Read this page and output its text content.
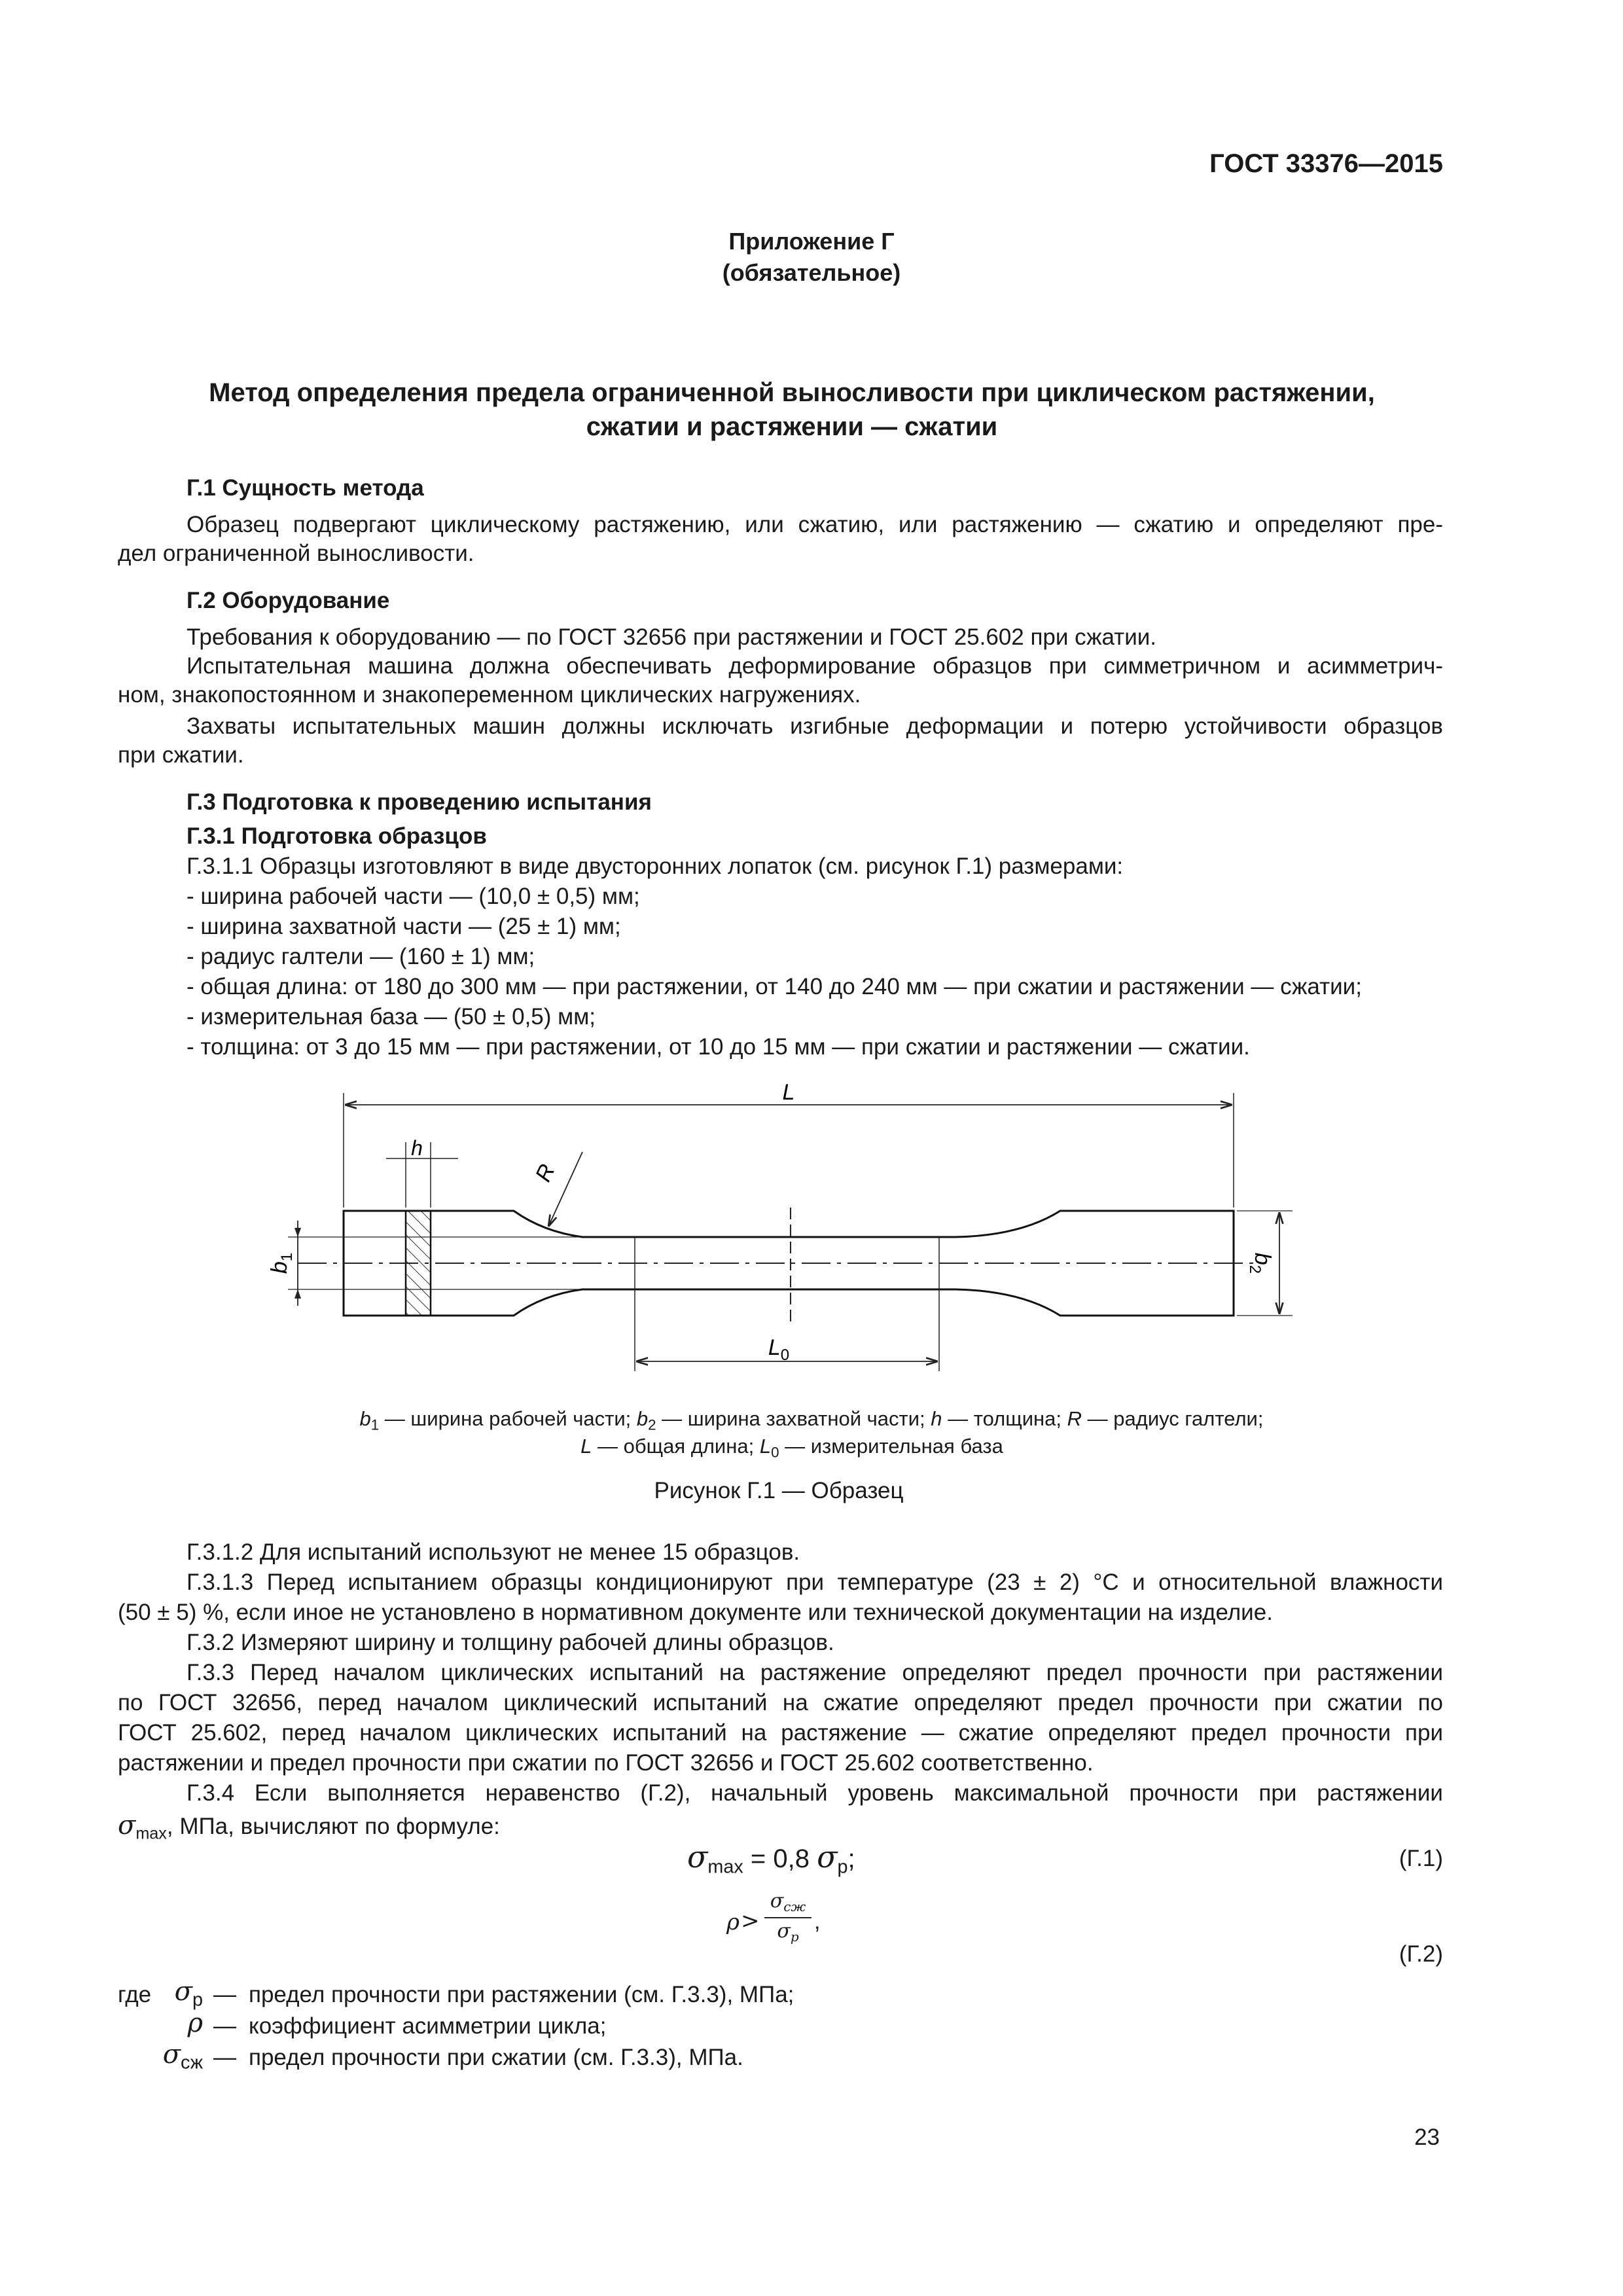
ГОСТ 33376—2015
Приложение Г
(обязательное)
Метод определения предела ограниченной выносливости при циклическом растяжении,
сжатии и растяжении — сжатии
Г.1 Сущность метода
Образец подвергают циклическому растяжению, или сжатию, или растяжению — сжатию и определяют пре-
дел ограниченной выносливости.
Г.2 Оборудование
Требования к оборудованию — по ГОСТ 32656 при растяжении и ГОСТ 25.602 при сжатии.
Испытательная машина должна обеспечивать деформирование образцов при симметричном и асимметрич-
ном, знакопостоянном и знакопеременном циклических нагружениях.
Захваты испытательных машин должны исключать изгибные деформации и потерю устойчивости образцов
при сжатии.
Г.3 Подготовка к проведению испытания
Г.3.1 Подготовка образцов
Г.3.1.1 Образцы изготовляют в виде двусторонних лопаток (см. рисунок Г.1) размерами:
- ширина рабочей части — (10,0 ± 0,5) мм;
- ширина захватной части — (25 ± 1) мм;
- радиус галтели — (160 ± 1) мм;
- общая длина: от 180 до 300 мм — при растяжении, от 140 до 240 мм — при сжатии и растяжении — сжатии;
- измерительная база — (50 ± 0,5) мм;
- толщина: от 3 до 15 мм — при растяжении, от 10 до 15 мм — при сжатии и растяжении — сжатии.
L
h
R
$b_1$	$b_2$
$L_0$
$b_1$ — ширина рабочей части; $b_2$ — ширина захватной части; h — толщина; R — радиус галтели;
L — общая длина; $L_0$ — измерительная база
Рисунок Г.1 — Образец
Г.3.1.2 Для испытаний используют не менее 15 образцов.
Г.3.1.3 Перед испытанием образцы кондиционируют при температуре (23 ± 2) °С и относительной влажности
(50 ± 5) %, если иное не установлено в нормативном документе или технической документации на изделие.
Г.3.2 Измеряют ширину и толщину рабочей длины образцов.
Г.3.3 Перед началом циклических испытаний на растяжение определяют предел прочности при растяжении
по ГОСТ 32656, перед началом циклический испытаний на сжатие определяют предел прочности при сжатии по
ГОСТ 25.602, перед началом циклических испытаний на растяжение — сжатие определяют предел прочности при
растяжении и предел прочности при сжатии по ГОСТ 32656 и ГОСТ 25.602 соответственно.
Г.3.4 Если выполняется неравенство (Г.2), начальный уровень максимальной прочности при растяжении
$\sigma_{max}$, МПа, вычисляют по формуле:
$\sigma_{max} = 0,8$ $\sigma_р$;	(Г.1)
ρ >
$\sigma_{сж}$
$\sigma_p$
,
(Г.2)
где $\sigma_р$ — предел прочности при растяжении (см. Г.3.3), МПа;
ρ — коэффициент асимметрии цикла;
$\sigma_{сж}$ — предел прочности при сжатии (см. Г.3.3), МПа.
23
